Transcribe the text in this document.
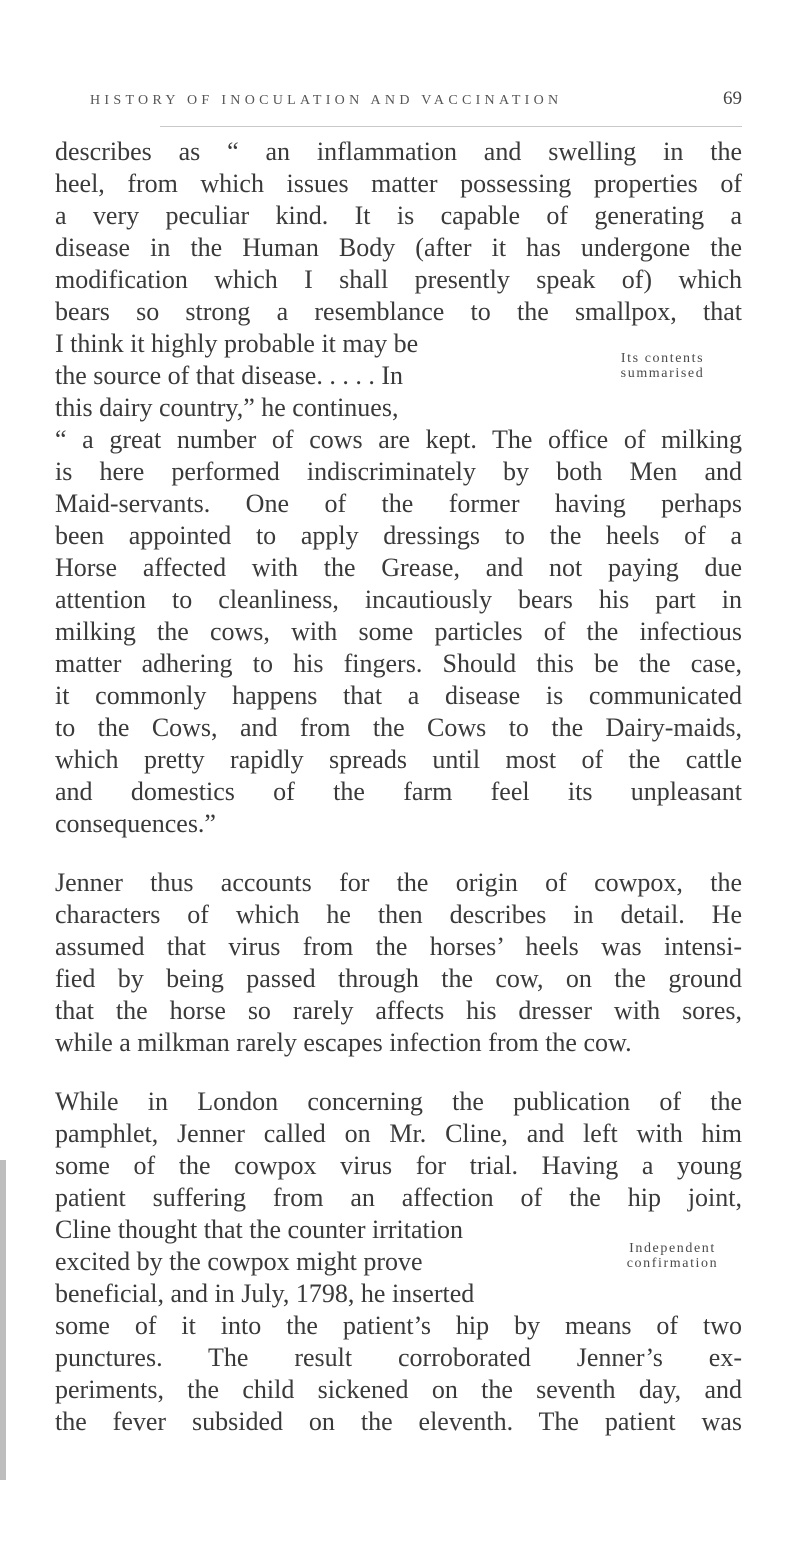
HISTORY OF INOCULATION AND VACCINATION	69
describes as “ an inflammation and swelling in the
heel, from which issues matter possessing properties of
a very peculiar kind. It is capable of generating a
disease in the Human Body (after it has undergone the
modification which I shall presently speak of) which
bears so strong a resemblance to the smallpox, that
I think it highly probable it may be
the source of that disease. . . . . In
this dairy country,” he continues,
“ a great number of cows are kept. The office of milking
is here performed indiscriminately by both Men and
Maid-servants. One of the former having perhaps
been appointed to apply dressings to the heels of a
Horse affected with the Grease, and not paying due
attention to cleanliness, incautiously bears his part in
milking the cows, with some particles of the infectious
matter adhering to his fingers. Should this be the case,
it commonly happens that a disease is communicated
to the Cows, and from the Cows to the Dairy-maids,
which pretty rapidly spreads until most of the cattle
and domestics of the farm feel its unpleasant
consequences.”
Jenner thus accounts for the origin of cowpox, the
characters of which he then describes in detail. He
assumed that virus from the horses’ heels was intensi-
fied by being passed through the cow, on the ground
that the horse so rarely affects his dresser with sores,
while a milkman rarely escapes infection from the cow.
While in London concerning the publication of the
pamphlet, Jenner called on Mr. Cline, and left with him
some of the cowpox virus for trial. Having a young
patient suffering from an affection of the hip joint,
Cline thought that the counter irritation
excited by the cowpox might prove
beneficial, and in July, 1798, he inserted
some of it into the patient’s hip by means of two
punctures. The result corroborated Jenner’s ex-
periments, the child sickened on the seventh day, and
the fever subsided on the eleventh. The patient was
Its contents
summarised
Independent
confirmation
